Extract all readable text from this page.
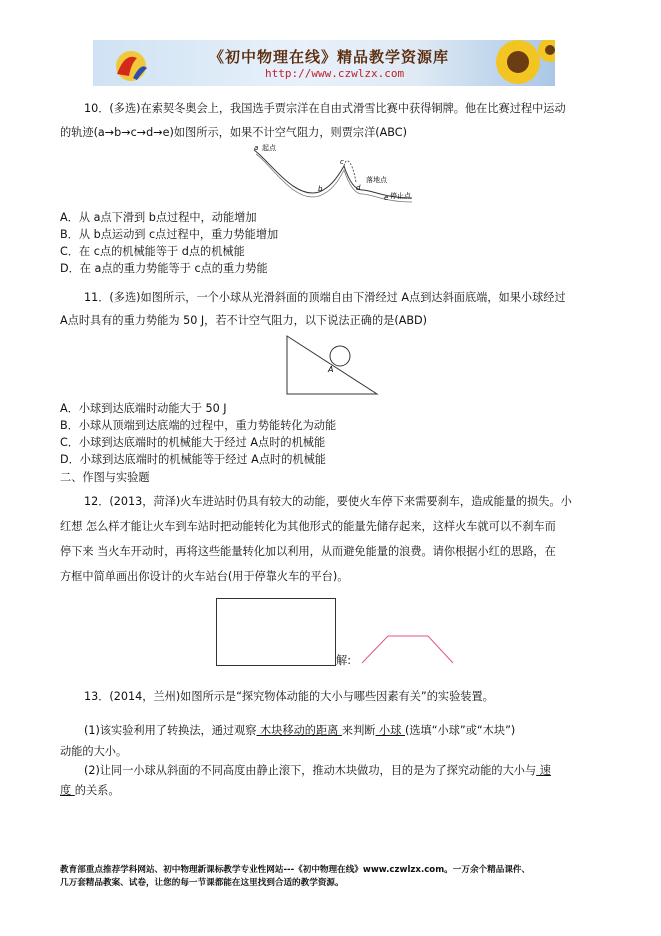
《初中物理在线》精品教学资源库
http://www.czwlzx.com
10．(多选)在索契冬奥会上，我国选手贾宗洋在自由式滑雪比赛中获得铜牌。他在比赛过程中运动
的轨迹(a→b→c→d→e)如图所示，如果不计空气阻力，则贾宗洋(ABC)
a 起点
b
c
落地点
d
e 停止点
A．从 a点下滑到 b点过程中，动能增加
B．从 b点运动到 c点过程中，重力势能增加
C．在 c点的机械能等于 d点的机械能
D．在 a点的重力势能等于 c点的重力势能
11．(多选)如图所示，一个小球从光滑斜面的顶端自由下滑经过 A点到达斜面底端，如果小球经过
A点时具有的重力势能为 50 J，若不计空气阻力，以下说法正确的是(ABD)
A
A．小球到达底端时动能大于 50 J
B．小球从顶端到达底端的过程中，重力势能转化为动能
C．小球到达底端时的机械能大于经过 A点时的机械能
D．小球到达底端时的机械能等于经过 A点时的机械能
二、作图与实验题
12．(2013，菏泽)火车进站时仍具有较大的动能，要使火车停下来需要刹车，造成能量的损失。小
红想 怎么样才能让火车到车站时把动能转化为其他形式的能量先储存起来，这样火车就可以不刹车而
停下来 当火车开动时，再将这些能量转化加以利用，从而避免能量的浪费。请你根据小红的思路，在
方框中简单画出你设计的火车站台(用于停靠火车的平台)。
解:
13．(2014，兰州)如图所示是“探究物体动能的大小与哪些因素有关”的实验装置。
(1)该实验利用了转换法，通过观察 木块移动的距离 来判断 小球 (选填“小球”或“木块”)
动能的大小。
(2)让同一小球从斜面的不同高度由静止滚下，推动木块做功，目的是为了探究动能的大小与 速
度 的关系。
教育部重点推荐学科网站、初中物理新课标教学专业性网站---《初中物理在线》www.czwlzx.com。一万余个精品课件、
几万套精品教案、试卷，让您的每一节课都能在这里找到合适的教学资源。
